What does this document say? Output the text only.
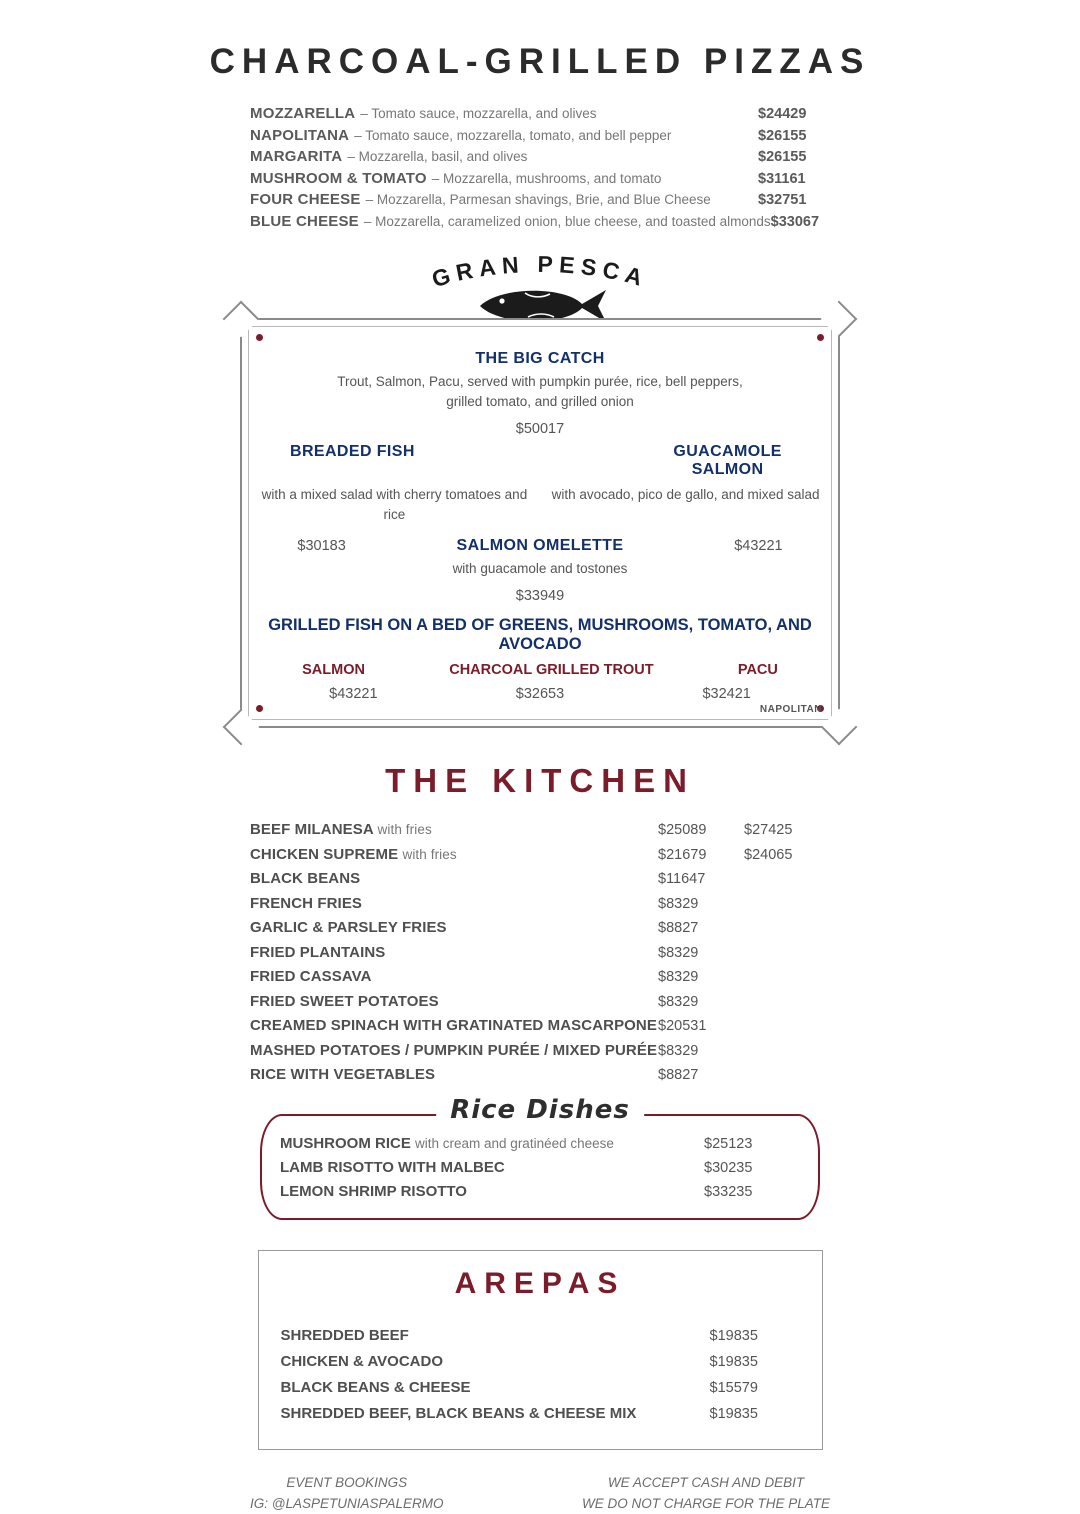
CHARCOAL-GRILLED PIZZAS
MOZZARELLA – Tomato sauce, mozzarella, and olives	$24429
NAPOLITANA – Tomato sauce, mozzarella, tomato, and bell pepper	$26155
MARGARITA – Mozzarella, basil, and olives	$26155
MUSHROOM & TOMATO – Mozzarella, mushrooms, and tomato	$31161
FOUR CHEESE – Mozzarella, Parmesan shavings, Brie, and Blue Cheese	$32751
BLUE CHEESE – Mozzarella, caramelized onion, blue cheese, and toasted almonds $33067
GRAN PESCA
THE BIG CATCH
Trout, Salmon, Pacu, served with pumpkin purée, rice, bell peppers, grilled tomato, and grilled onion
$50017
BREADED FISH	GUACAMOLE SALMON
with a mixed salad with cherry tomatoes and rice
with avocado, pico de gallo, and mixed salad
$30183	SALMON OMELETTE	$43221
with guacamole and tostones
$33949
GRILLED FISH ON A BED OF GREENS, MUSHROOMS, TOMATO, AND AVOCADO
SALMON	CHARCOAL GRILLED TROUT	PACU
$43221	$32653	$32421
THE KITCHEN
NAPOLITAN
BEEF MILANESA with fries	$25089	$27425
CHICKEN SUPREME with fries	$21679	$24065
BLACK BEANS	$11647
FRENCH FRIES	$8329
GARLIC & PARSLEY FRIES	$8827
FRIED PLANTAINS	$8329
FRIED CASSAVA	$8329
FRIED SWEET POTATOES	$8329
CREAMED SPINACH WITH GRATINATED MASCARPONE $20531
MASHED POTATOES / PUMPKIN PURÉE / MIXED PURÉE $8329
RICE WITH VEGETABLES	$8827
Rice Dishes
MUSHROOM RICE with cream and gratinéed cheese	$25123
LAMB RISOTTO WITH MALBEC	$30235
LEMON SHRIMP RISOTTO	$33235
AREPAS
SHREDDED BEEF	$19835
CHICKEN & AVOCADO	$19835
BLACK BEANS & CHEESE	$15579
SHREDDED BEEF, BLACK BEANS & CHEESE MIX	$19835
EVENT BOOKINGS
IG: @LASPETUNIASPALERMO
WE ACCEPT CASH AND DEBIT
WE DO NOT CHARGE FOR THE PLATE
